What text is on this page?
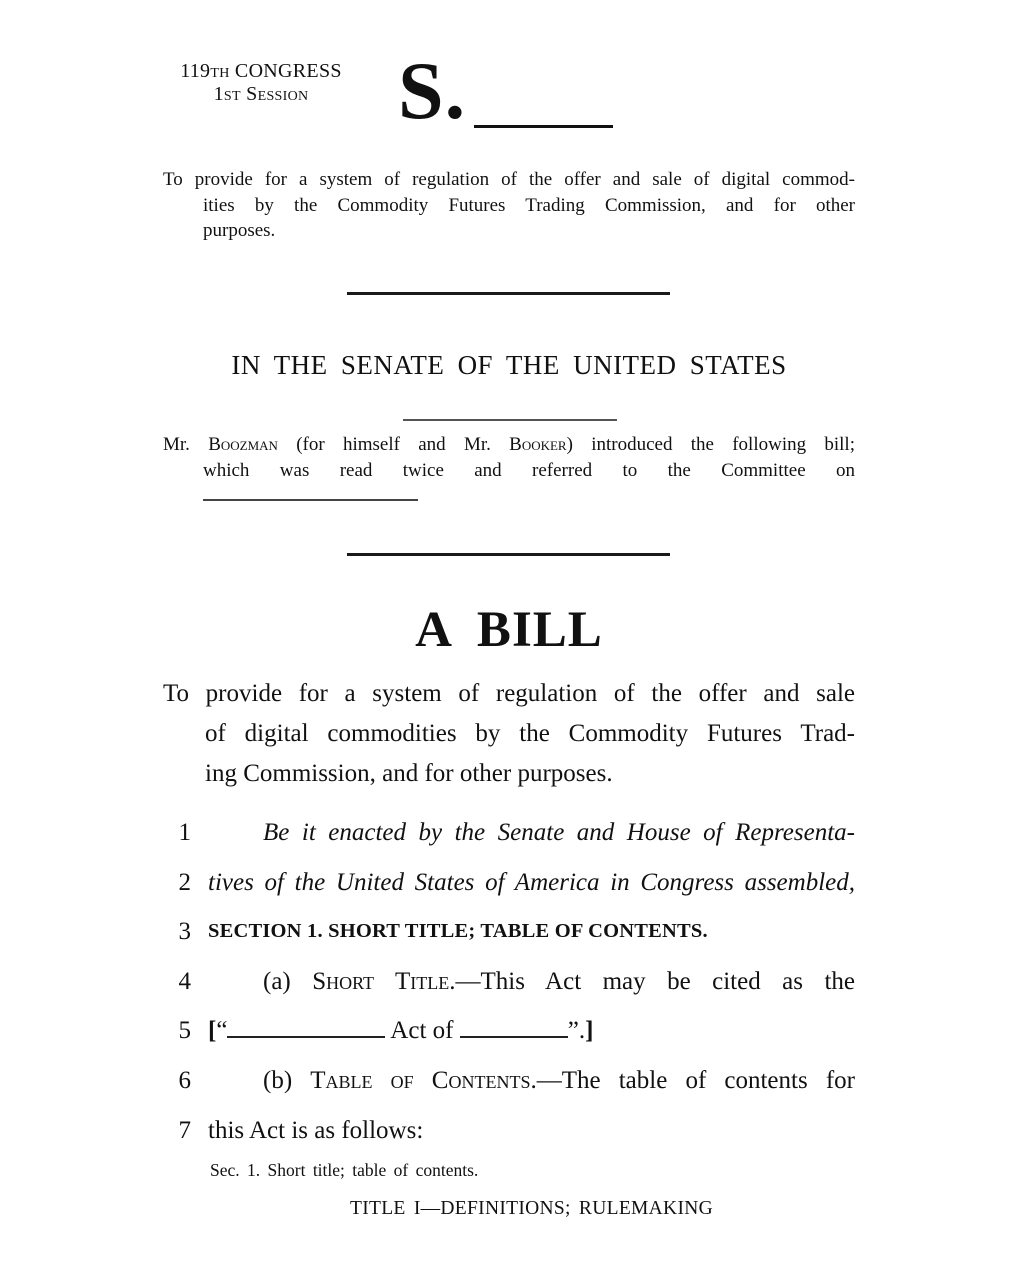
119th CONGRESS
1st Session	S.
To provide for a system of regulation of the offer and sale of digital commod-
ities by the Commodity Futures Trading Commission, and for other
purposes.
IN THE SENATE OF THE UNITED STATES
Mr. Boozman (for himself and Mr. Booker) introduced the following bill;
which was read twice and referred to the Committee on
A BILL
To provide for a system of regulation of the offer and sale
of digital commodities by the Commodity Futures Trad-
ing Commission, and for other purposes.
1	Be it enacted by the Senate and House of Representa-
2 tives of the United States of America in Congress assembled,
3 SECTION 1. SHORT TITLE; TABLE OF CONTENTS.
4	(a) Short Title.—This Act may be cited as the
5 [“	Act of	”.]
6	(b) Table of Contents.—The table of contents for
7 this Act is as follows:
Sec. 1. Short title; table of contents.
TITLE I—DEFINITIONS; RULEMAKING
